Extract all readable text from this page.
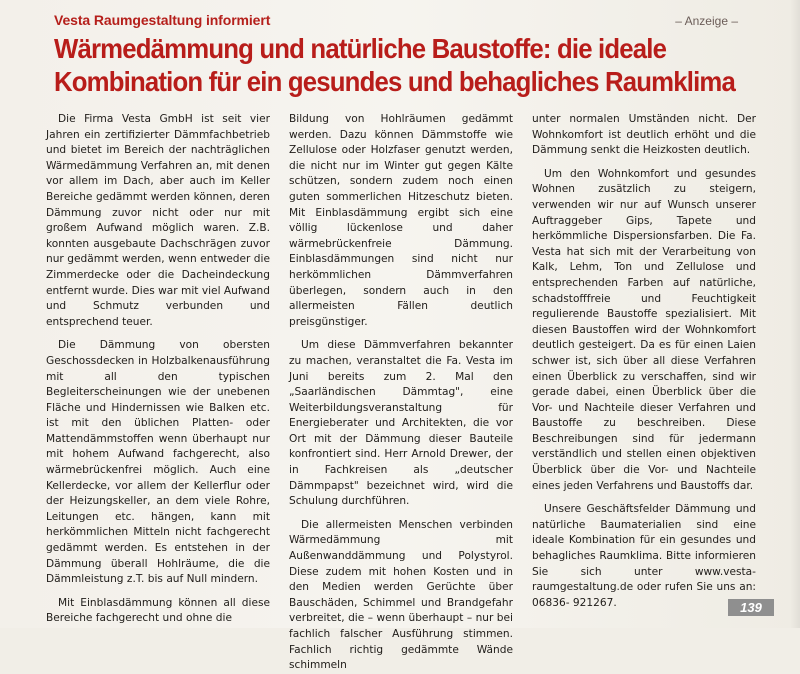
Vesta Raumgestaltung informiert	– Anzeige –
Wärmedämmung und natürliche Baustoffe: die ideale
Kombination für ein gesundes und behagliches Raumklima

Die Firma Vesta GmbH ist seit vier Jahren ein zertifizierter Dämmfachbetrieb und bietet im Bereich der nachträglichen Wärmedämmung Verfahren an, mit denen vor allem im Dach, aber auch im Keller Bereiche gedämmt werden können, deren Dämmung zuvor nicht oder nur mit großem Aufwand möglich waren. Z.B. konnten ausgebaute Dachschrägen zuvor nur gedämmt werden, wenn entweder die Zimmerdecke oder die Dacheindeckung entfernt wurde. Dies war mit viel Aufwand und Schmutz verbunden und entsprechend teuer.

Die Dämmung von obersten Geschossdecken in Holzbalkenausführung mit all den typischen Begleiterscheinungen wie der unebenen Fläche und Hindernissen wie Balken etc. ist mit den üblichen Platten- oder Mattendämmstoffen wenn überhaupt nur mit hohem Aufwand fachgerecht, also wärmebrückenfrei möglich. Auch eine Kellerdecke, vor allem der Kellerflur oder der Heizungskeller, an dem viele Rohre, Leitungen etc. hängen, kann mit herkömmlichen Mitteln nicht fachgerecht gedämmt werden. Es entstehen in der Dämmung überall Hohlräume, die die Dämmleistung z.T. bis auf Null mindern.

Mit Einblasdämmung können all diese Bereiche fachgerecht und ohne die

Bildung von Hohlräumen gedämmt werden. Dazu können Dämmstoffe wie Zellulose oder Holzfaser genutzt werden, die nicht nur im Winter gut gegen Kälte schützen, sondern zudem noch einen guten sommerlichen Hitzeschutz bieten. Mit Einblasdämmung ergibt sich eine völlig lückenlose und daher wärmebrückenfreie Dämmung. Einblasdämmungen sind nicht nur herkömmlichen Dämmverfahren überlegen, sondern auch in den allermeisten Fällen deutlich preisgünstiger.

Um diese Dämmverfahren bekannter zu machen, veranstaltet die Fa. Vesta im Juni bereits zum 2. Mal den „Saarländischen Dämmtag", eine Weiterbildungsveranstaltung für Energieberater und Architekten, die vor Ort mit der Dämmung dieser Bauteile konfrontiert sind. Herr Arnold Drewer, der in Fachkreisen als „deutscher Dämmpapst" bezeichnet wird, wird die Schulung durchführen.

Die allermeisten Menschen verbinden Wärmedämmung mit Außenwanddämmung und Polystyrol. Diese zudem mit hohen Kosten und in den Medien werden Gerüchte über Bauschäden, Schimmel und Brandgefahr verbreitet, die – wenn überhaupt – nur bei fachlich falscher Ausführung stimmen. Fachlich richtig gedämmte Wände schimmeln

unter normalen Umständen nicht. Der Wohnkomfort ist deutlich erhöht und die Dämmung senkt die Heizkosten deutlich.

Um den Wohnkomfort und gesundes Wohnen zusätzlich zu steigern, verwenden wir nur auf Wunsch unserer Auftraggeber Gips, Tapete und herkömmliche Dispersionsfarben. Die Fa. Vesta hat sich mit der Verarbeitung von Kalk, Lehm, Ton und Zellulose und entsprechenden Farben auf natürliche, schadstofffreie und Feuchtigkeit regulierende Baustoffe spezialisiert. Mit diesen Baustoffen wird der Wohnkomfort deutlich gesteigert. Da es für einen Laien schwer ist, sich über all diese Verfahren einen Überblick zu verschaffen, sind wir gerade dabei, einen Überblick über die Vor- und Nachteile dieser Verfahren und Baustoffe zu beschreiben. Diese Beschreibungen sind für jedermann verständlich und stellen einen objektiven Überblick über die Vor- und Nachteile eines jeden Verfahrens und Baustoffs dar.

Unsere Geschäftsfelder Dämmung und natürliche Baumaterialien sind eine ideale Kombination für ein gesundes und behagliches Raumklima. Bitte informieren Sie sich unter www.vesta-raumgestaltung.de oder rufen Sie uns an: 06836- 921267.	139
